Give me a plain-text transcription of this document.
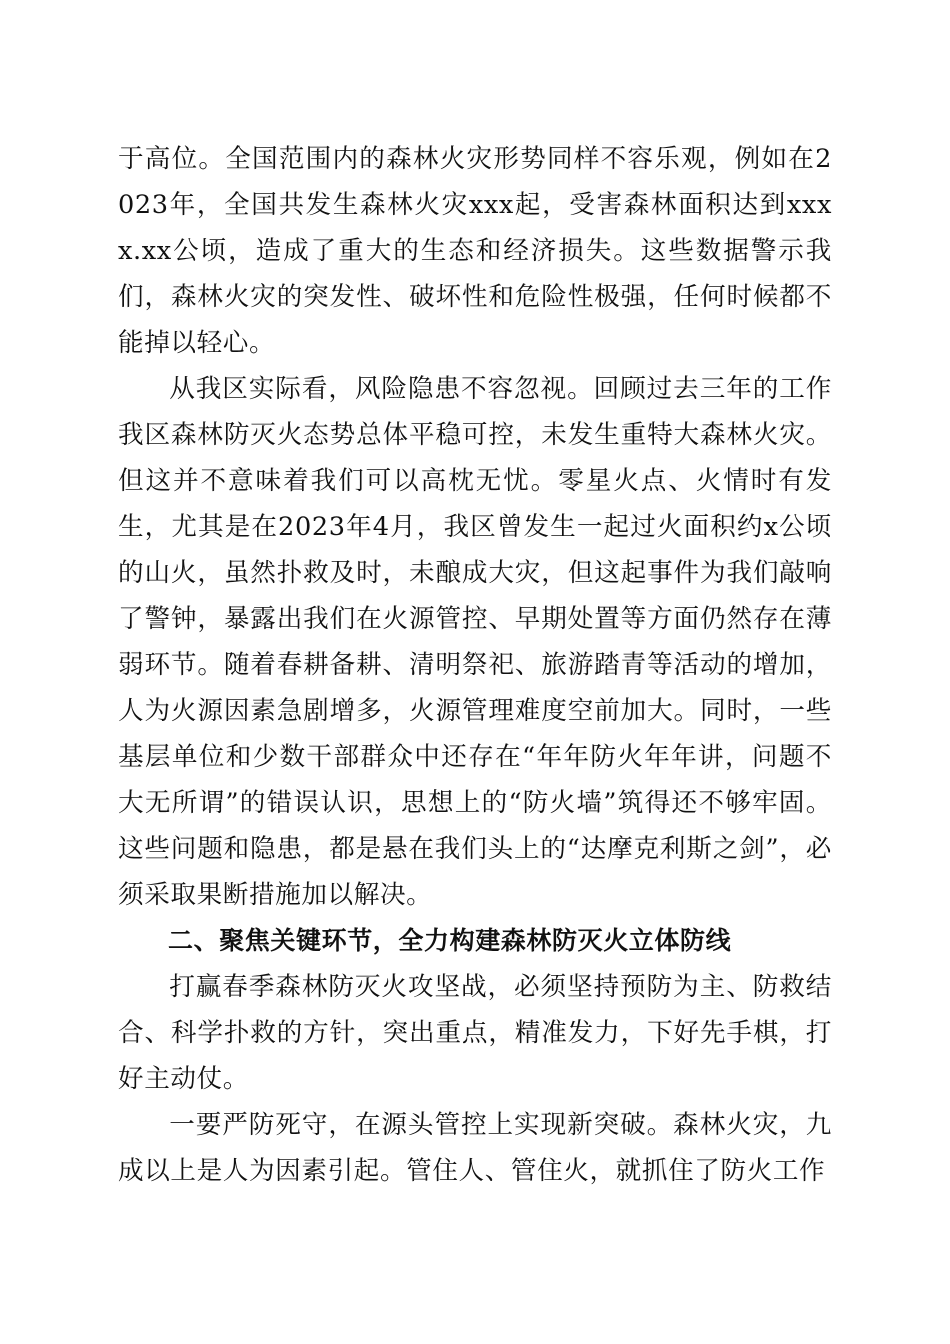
于高位。全国范围内的森林火灾形势同样不容乐观，例如在2023年，全国共发生森林火灾xxx起，受害森林面积达到xxxx.xx公顷，造成了重大的生态和经济损失。这些数据警示我们，森林火灾的突发性、破坏性和危险性极强，任何时候都不能掉以轻心。

从我区实际看，风险隐患不容忽视。回顾过去三年的工作我区森林防灭火态势总体平稳可控，未发生重特大森林火灾。但这并不意味着我们可以高枕无忧。零星火点、火情时有发生，尤其是在2023年4月，我区曾发生一起过火面积约x公顷的山火，虽然扑救及时，未酿成大灾，但这起事件为我们敲响了警钟，暴露出我们在火源管控、早期处置等方面仍然存在薄弱环节。随着春耕备耕、清明祭祀、旅游踏青等活动的增加，人为火源因素急剧增多，火源管理难度空前加大。同时，一些基层单位和少数干部群众中还存在“年年防火年年讲，问题不大无所谓”的错误认识，思想上的“防火墙”筑得还不够牢固。这些问题和隐患，都是悬在我们头上的“达摩克利斯之剑”，必须采取果断措施加以解决。

二、聚焦关键环节，全力构建森林防灭火立体防线

打赢春季森林防灭火攻坚战，必须坚持预防为主、防救结合、科学扑救的方针，突出重点，精准发力，下好先手棋，打好主动仗。

一要严防死守，在源头管控上实现新突破。森林火灾，九成以上是人为因素引起。管住人、管住火，就抓住了防火工作
